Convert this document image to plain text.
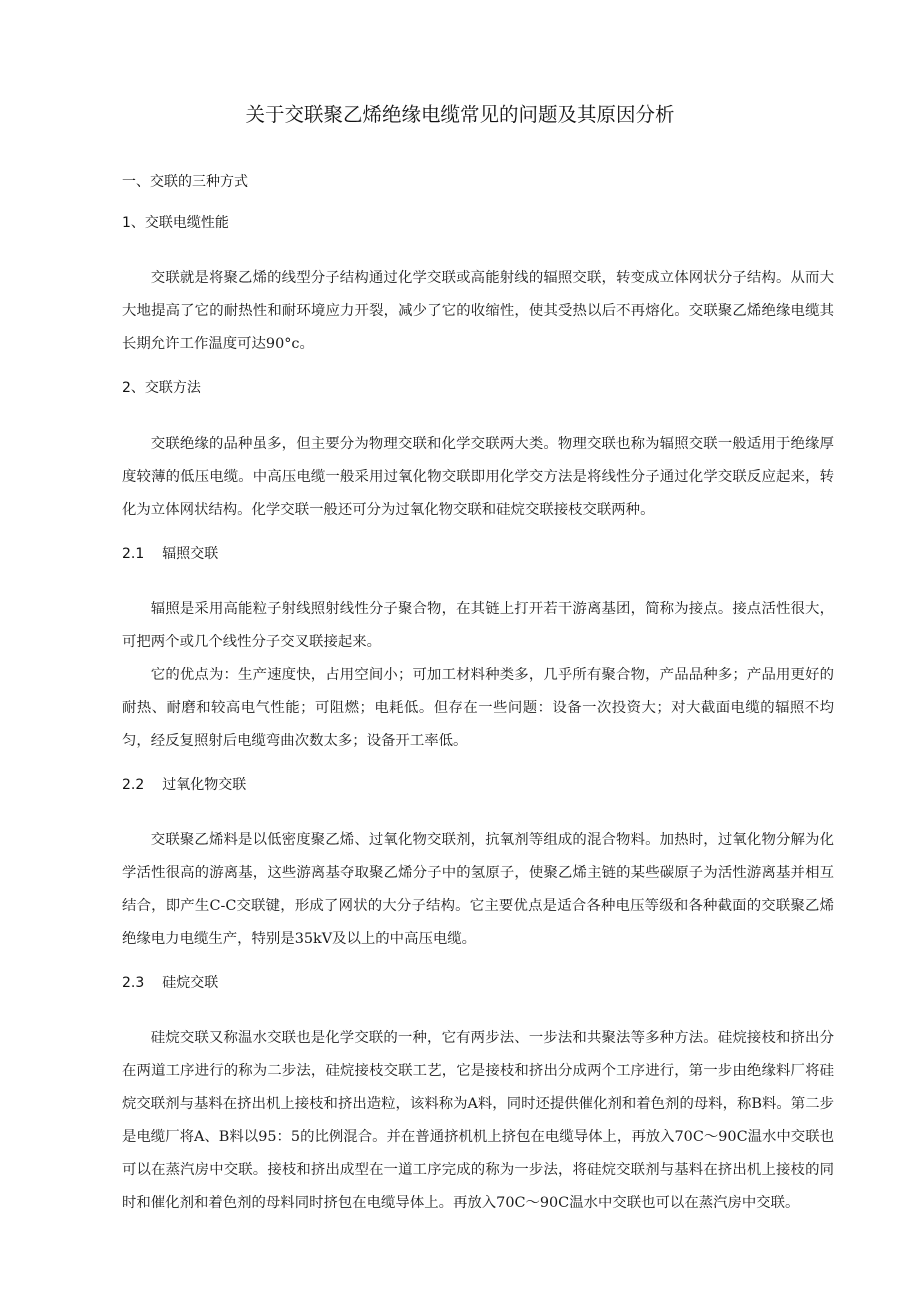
关于交联聚乙烯绝缘电缆常见的问题及其原因分析
一、交联的三种方式
1、交联电缆性能

交联就是将聚乙烯的线型分子结构通过化学交联或高能射线的辐照交联，转变成立体网状分子结构。从而大大地提高了它的耐热性和耐环境应力开裂，减少了它的收缩性，使其受热以后不再熔化。交联聚乙烯绝缘电缆其长期允许工作温度可达90°c。

2、交联方法

交联绝缘的品种虽多，但主要分为物理交联和化学交联两大类。物理交联也称为辐照交联一般适用于绝缘厚度较薄的低压电缆。中高压电缆一般采用过氧化物交联即用化学交方法是将线性分子通过化学交联反应起来，转化为立体网状结构。化学交联一般还可分为过氧化物交联和硅烷交联接枝交联两种。

2.1 辐照交联

辐照是采用高能粒子射线照射线性分子聚合物，在其链上打开若干游离基团，简称为接点。接点活性很大，可把两个或几个线性分子交叉联接起来。

它的优点为：生产速度快，占用空间小；可加工材料种类多，几乎所有聚合物，产品品种多；产品用更好的耐热、耐磨和较高电气性能；可阻燃；电耗低。但存在一些问题：设备一次投资大；对大截面电缆的辐照不均匀，经反复照射后电缆弯曲次数太多；设备开工率低。

2.2 过氧化物交联

交联聚乙烯料是以低密度聚乙烯、过氧化物交联剂，抗氧剂等组成的混合物料。加热时，过氧化物分解为化学活性很高的游离基，这些游离基夺取聚乙烯分子中的氢原子，使聚乙烯主链的某些碳原子为活性游离基并相互结合，即产生C-C交联键，形成了网状的大分子结构。它主要优点是适合各种电压等级和各种截面的交联聚乙烯绝缘电力电缆生产，特别是35kV及以上的中高压电缆。

2.3 硅烷交联

硅烷交联又称温水交联也是化学交联的一种，它有两步法、一步法和共聚法等多种方法。硅烷接枝和挤出分在两道工序进行的称为二步法，硅烷接枝交联工艺，它是接枝和挤出分成两个工序进行，第一步由绝缘料厂将硅烷交联剂与基料在挤出机上接枝和挤出造粒，该料称为A料，同时还提供催化剂和着色剂的母料，称B料。第二步是电缆厂将A、B料以95：5的比例混合。并在普通挤机机上挤包在电缆导体上，再放入70C～90C温水中交联也可以在蒸汽房中交联。接枝和挤出成型在一道工序完成的称为一步法，将硅烷交联剂与基料在挤出机上接枝的同时和催化剂和着色剂的母料同时挤包在电缆导体上。再放入70C～90C温水中交联也可以在蒸汽房中交联。
